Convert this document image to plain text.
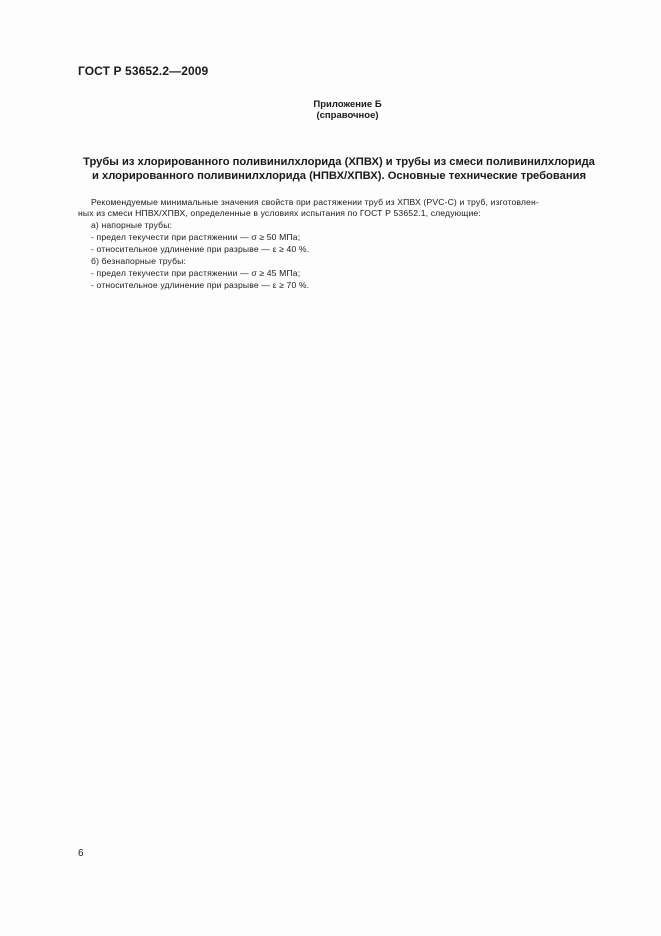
ГОСТ Р 53652.2—2009
Приложение Б
(справочное)
Трубы из хлорированного поливинилхлорида (ХПВХ) и трубы из смеси поливинилхлорида
и хлорированного поливинилхлорида (НПВХ/ХПВХ). Основные технические требования
Рекомендуемые минимальные значения свойств при растяжении труб из ХПВХ (PVC-C) и труб, изготовлен-
ных из смеси НПВХ/ХПВХ, определенные в условиях испытания по ГОСТ Р 53652.1, следующие:
а) напорные трубы:
- предел текучести при растяжении — σ ≥ 50 МПа;
- относительное удлинение при разрыве — ε ≥ 40 %.
б) безнапорные трубы:
- предел текучести при растяжении — σ ≥ 45 МПа;
- относительное удлинение при разрыве — ε ≥ 70 %.
6
